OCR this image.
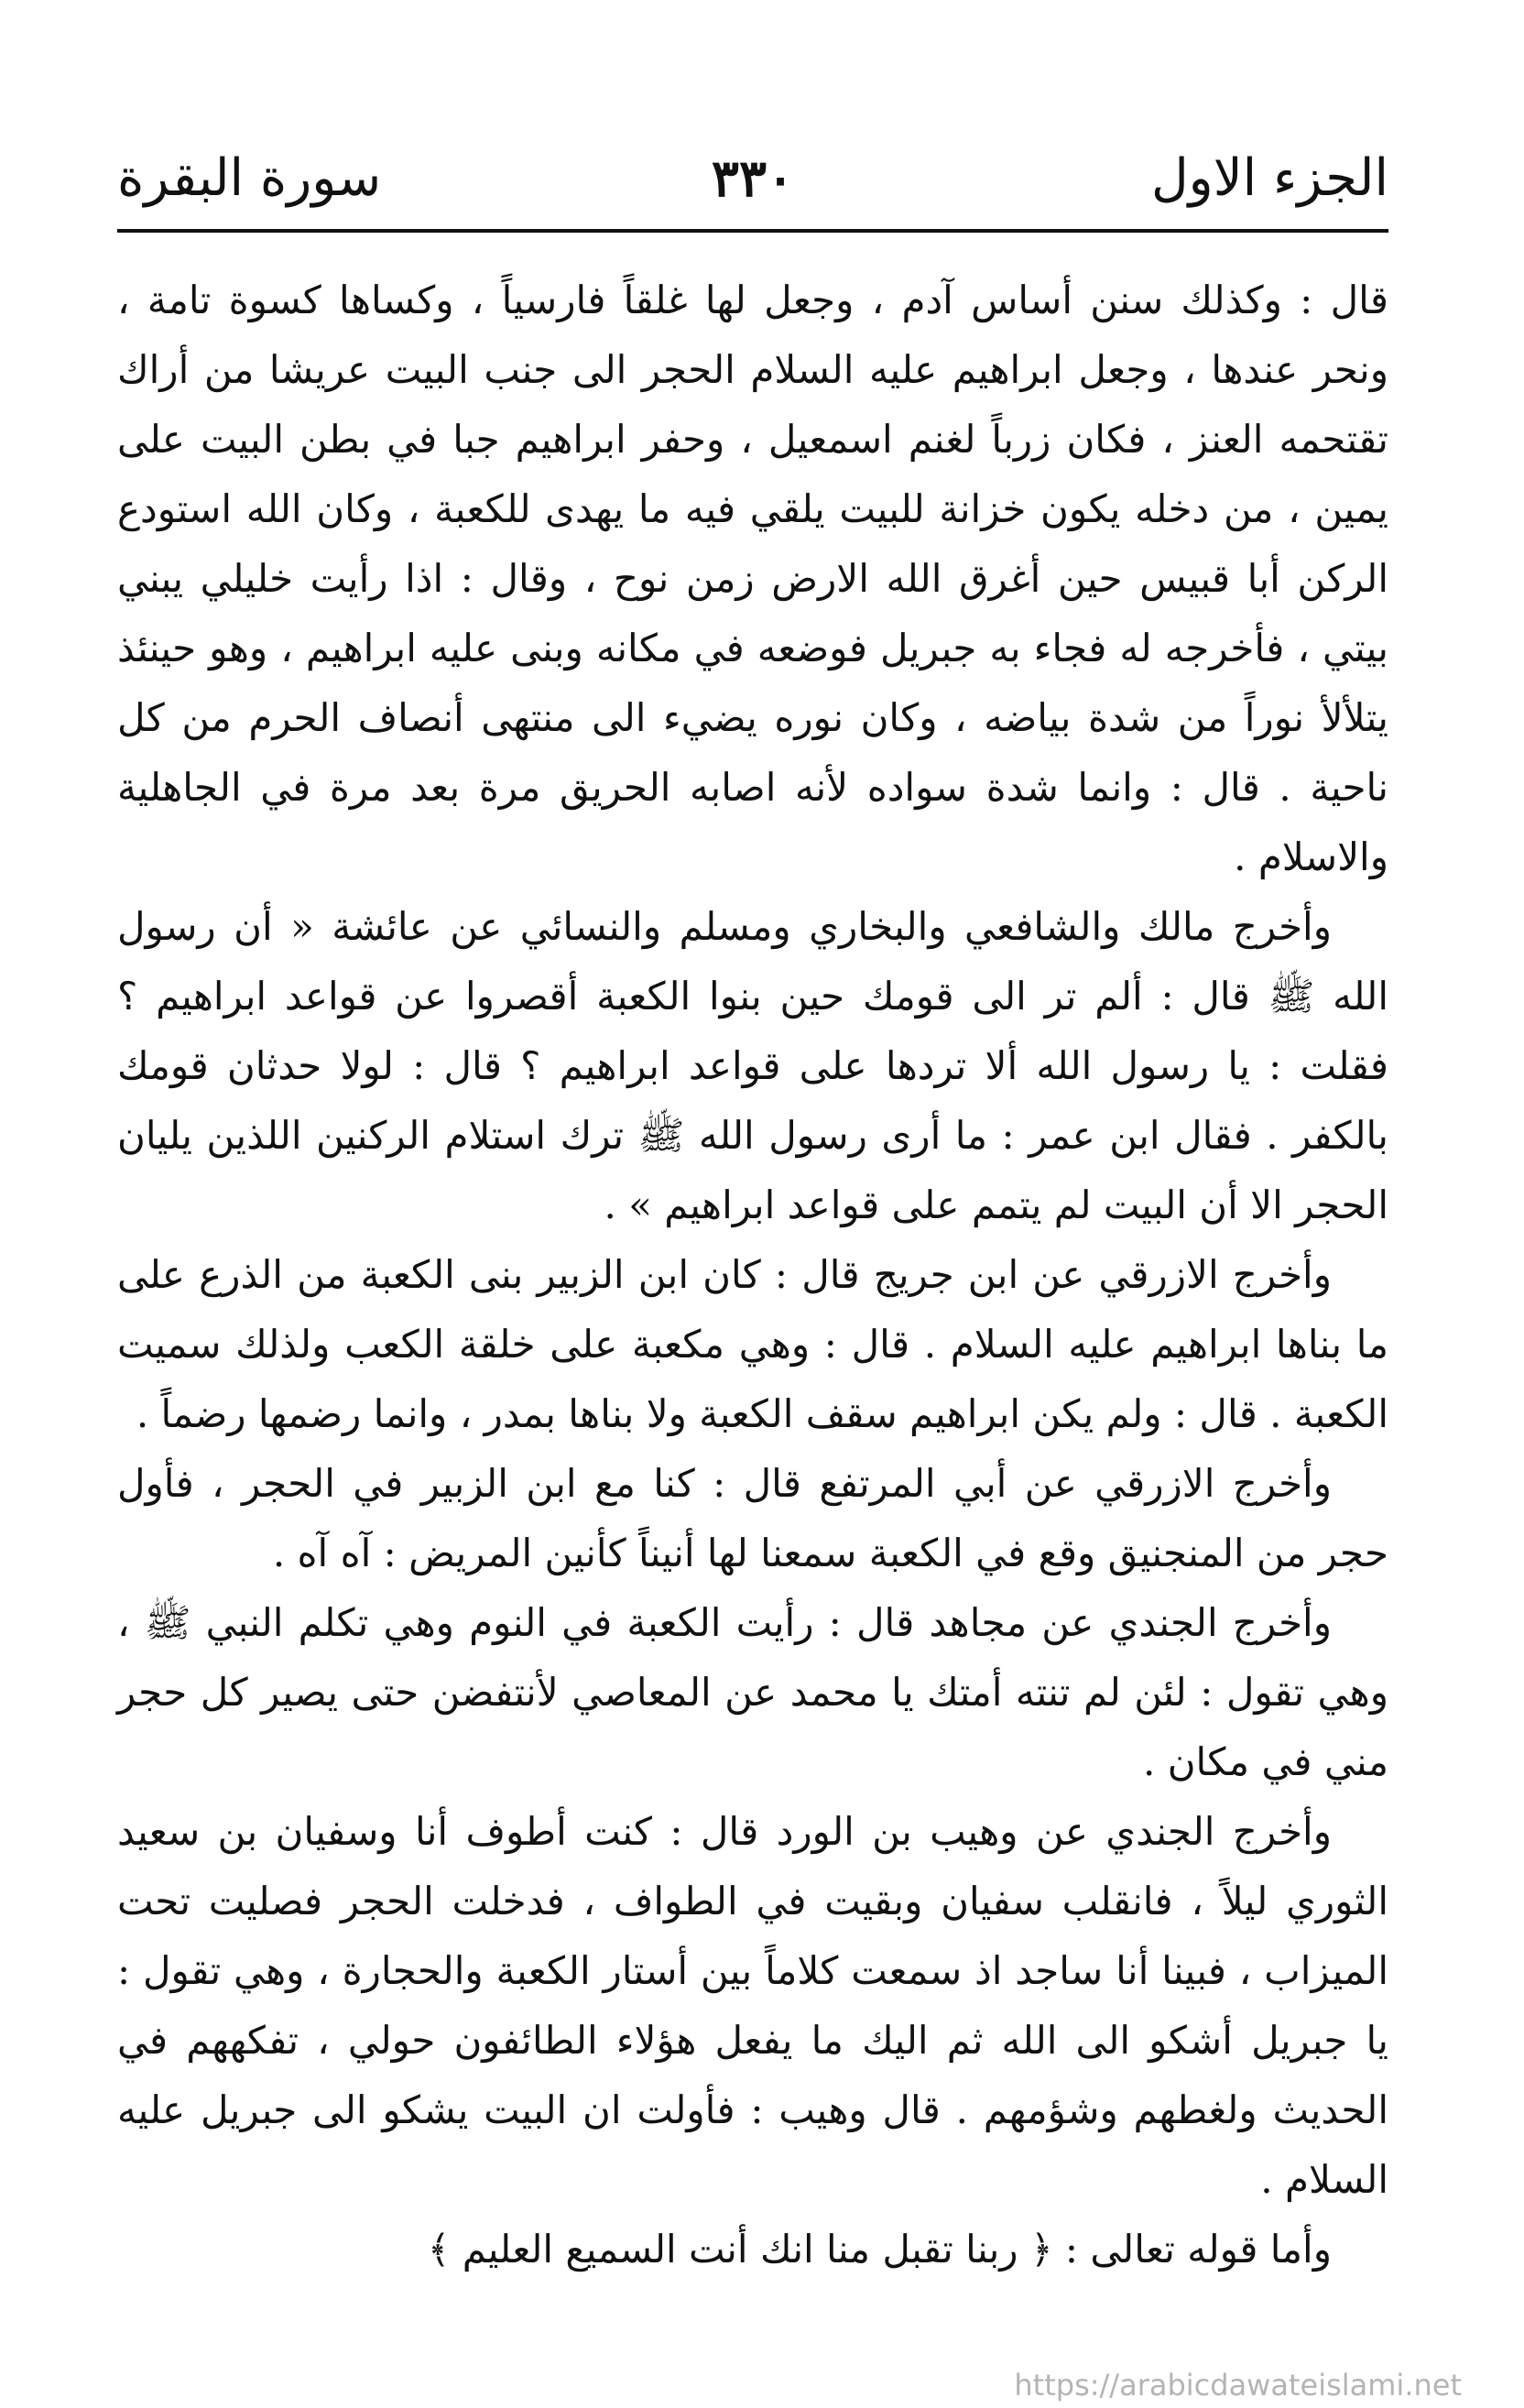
الجزء الاول
٣٣٠
سورة البقرة

قال : وكذلك سنن أساس آدم ، وجعل لها غلقاً فارسياً ، وكساها كسوة تامة ، ونحر عندها ، وجعل ابراهيم عليه السلام الحجر الى جنب البيت عريشا من أراك تقتحمه العنز ، فكان زرباً لغنم اسمعيل ، وحفر ابراهيم جبا في بطن البيت على يمين ، من دخله يكون خزانة للبيت يلقي فيه ما يهدى للكعبة ، وكان الله استودع الركن أبا قبيس حين أغرق الله الارض زمن نوح ، وقال : اذا رأيت خليلي يبني بيتي ، فأخرجه له فجاء به جبريل فوضعه في مكانه وبنى عليه ابراهيم ، وهو حينئذ يتلألأ نوراً من شدة بياضه ، وكان نوره يضيء الى منتهى أنصاف الحرم من كل ناحية . قال : وانما شدة سواده لأنه اصابه الحريق مرة بعد مرة في الجاهلية والاسلام .

وأخرج مالك والشافعي والبخاري ومسلم والنسائي عن عائشة « أن رسول الله ﷺ قال : ألم تر الى قومك حين بنوا الكعبة أقصروا عن قواعد ابراهيم ؟ فقلت : يا رسول الله ألا تردها على قواعد ابراهيم ؟ قال : لولا حدثان قومك بالكفر . فقال ابن عمر : ما أرى رسول الله ﷺ ترك استلام الركنين اللذين يليان الحجر الا أن البيت لم يتمم على قواعد ابراهيم » .

وأخرج الازرقي عن ابن جريج قال : كان ابن الزبير بنى الكعبة من الذرع على ما بناها ابراهيم عليه السلام . قال : وهي مكعبة على خلقة الكعب ولذلك سميت الكعبة . قال : ولم يكن ابراهيم سقف الكعبة ولا بناها بمدر ، وانما رضمها رضماً .

وأخرج الازرقي عن أبي المرتفع قال : كنا مع ابن الزبير في الحجر ، فأول حجر من المنجنيق وقع في الكعبة سمعنا لها أنيناً كأنين المريض : آه آه .

وأخرج الجندي عن مجاهد قال : رأيت الكعبة في النوم وهي تكلم النبي ﷺ ، وهي تقول : لئن لم تنته أمتك يا محمد عن المعاصي لأنتفضن حتى يصير كل حجر مني في مكان .

وأخرج الجندي عن وهيب بن الورد قال : كنت أطوف أنا وسفيان بن سعيد الثوري ليلاً ، فانقلب سفيان وبقيت في الطواف ، فدخلت الحجر فصليت تحت الميزاب ، فبينا أنا ساجد اذ سمعت كلاماً بين أستار الكعبة والحجارة ، وهي تقول : يا جبريل أشكو الى الله ثم اليك ما يفعل هؤلاء الطائفون حولي ، تفكههم في الحديث ولغطهم وشؤمهم . قال وهيب : فأولت ان البيت يشكو الى جبريل عليه السلام .

وأما قوله تعالى : ﴿ ربنا تقبل منا انك أنت السميع العليم ﴾

https://arabicdawateislami.net
